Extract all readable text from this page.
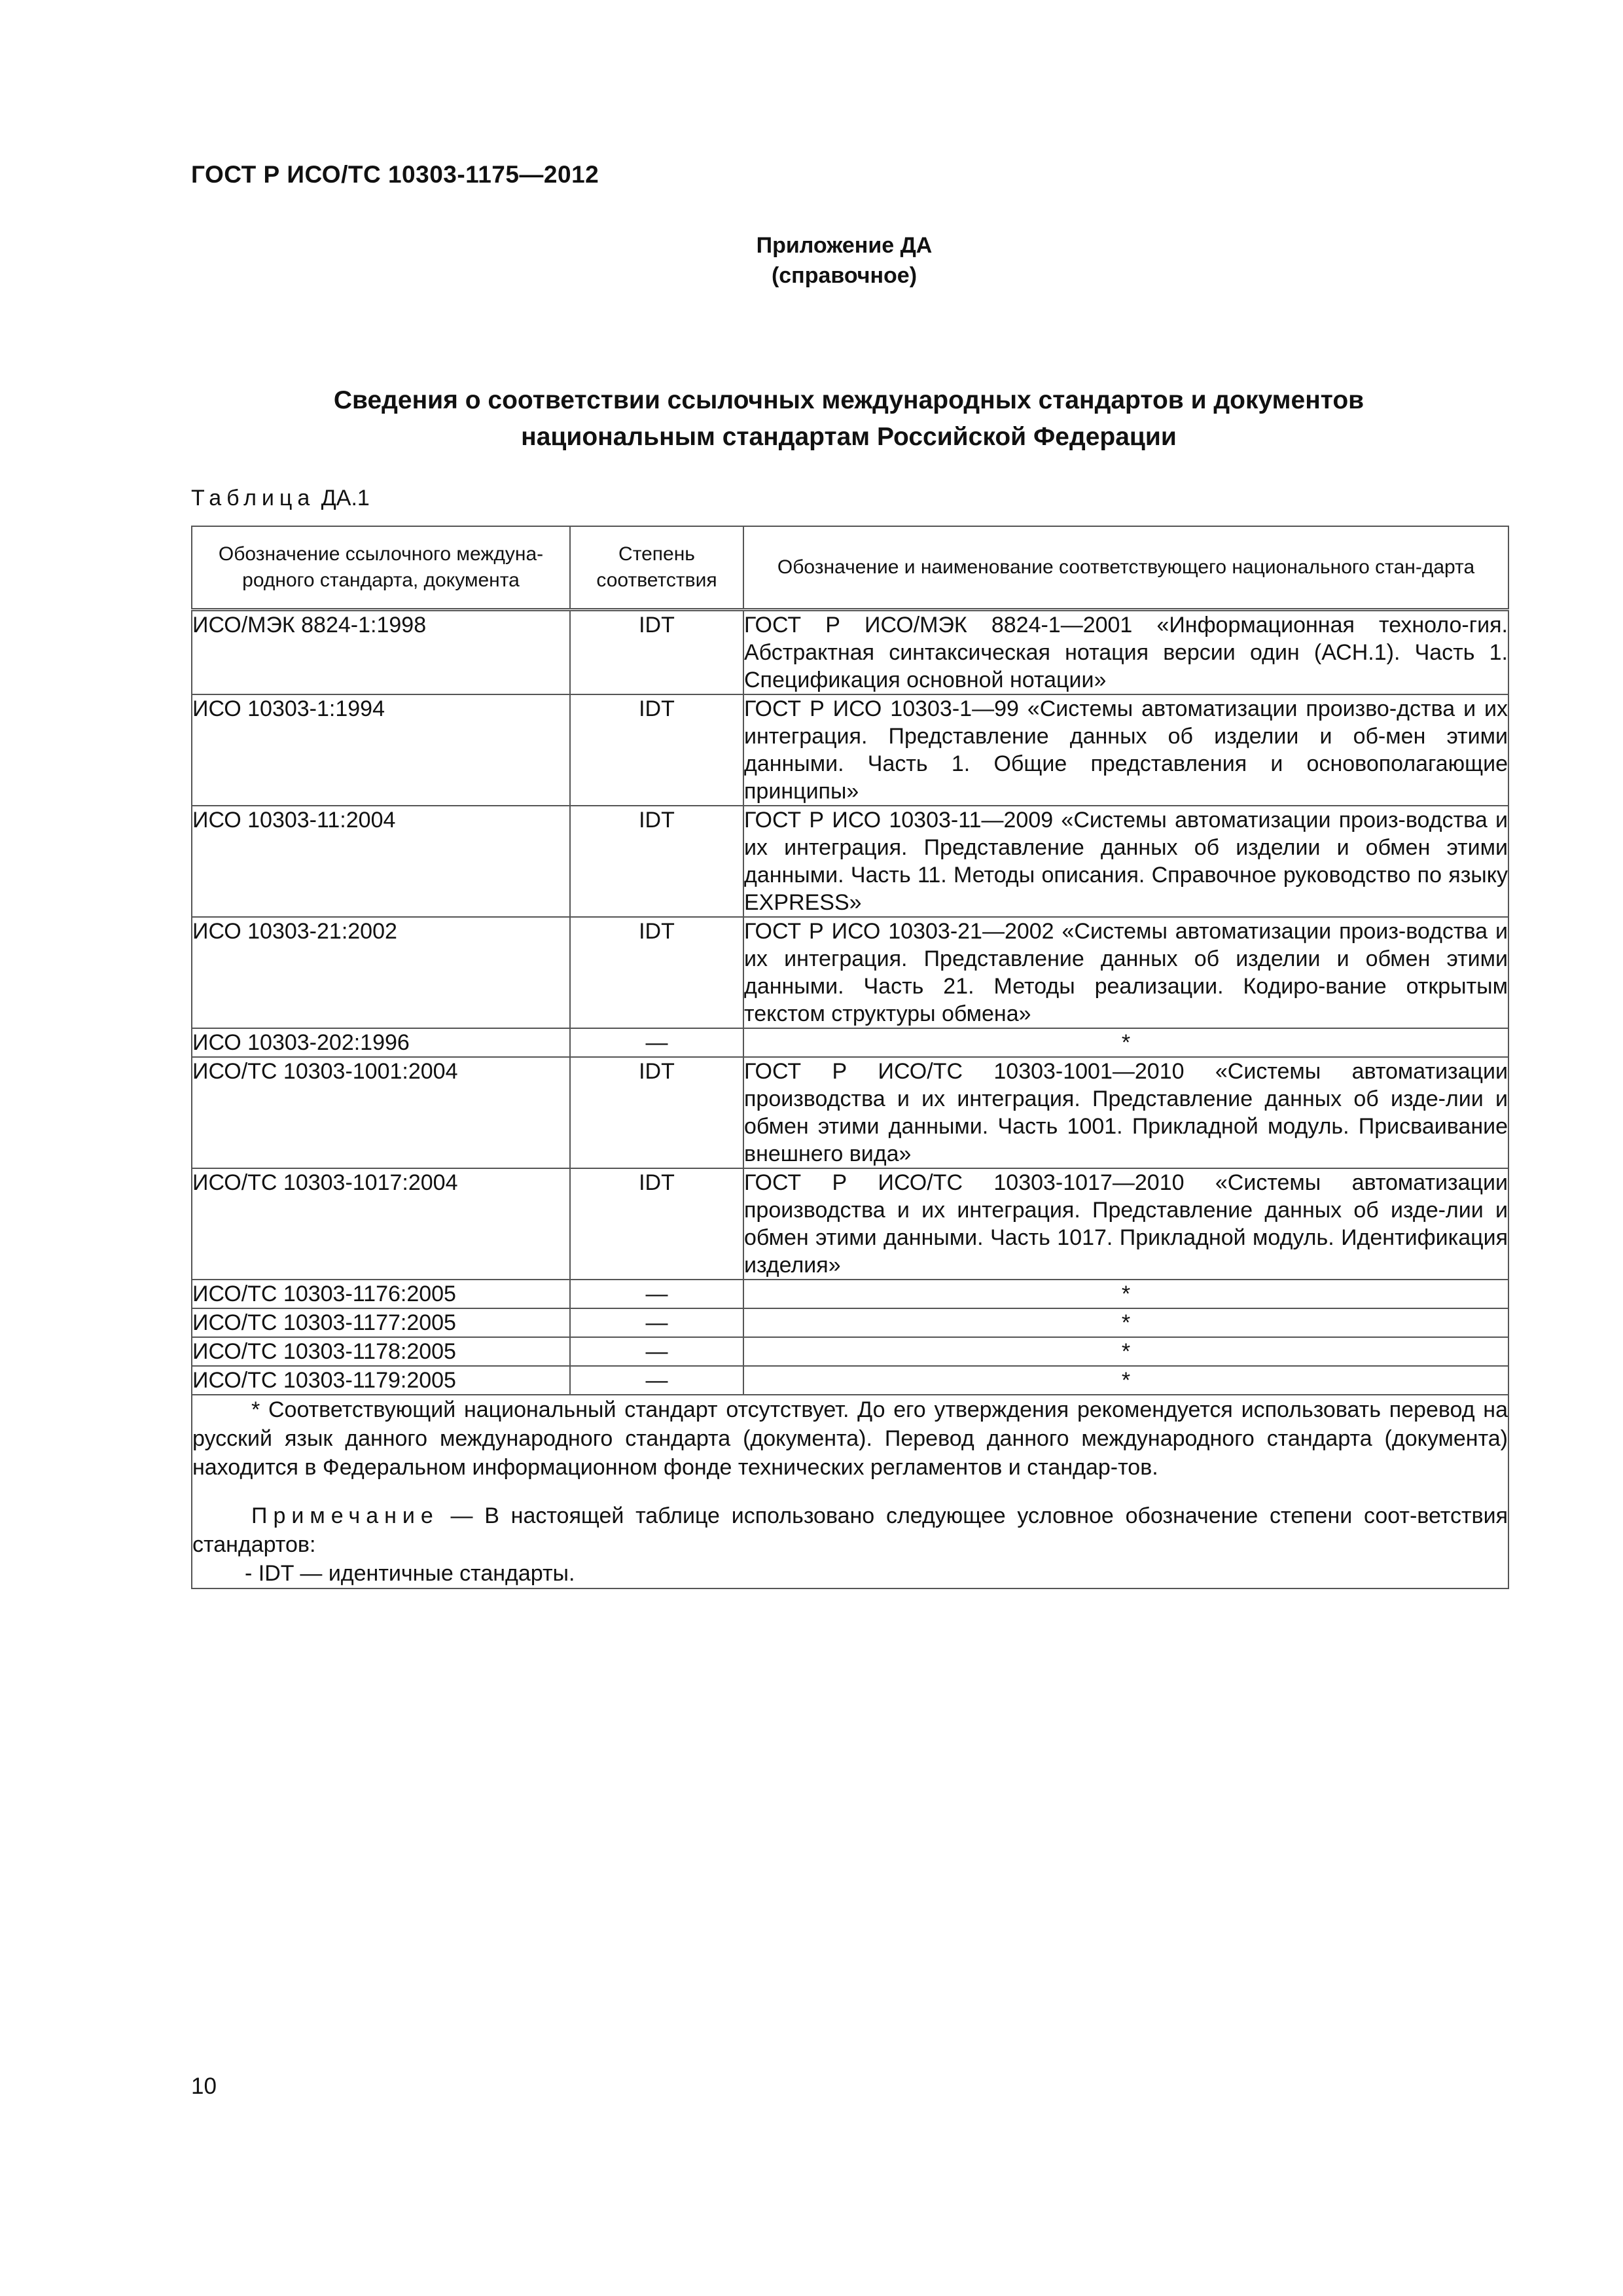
ГОСТ Р ИСО/ТС 10303-1175—2012
Приложение ДА
(справочное)
Сведения о соответствии ссылочных международных стандартов и документов
национальным стандартам Российской Федерации
Таблица ДА.1
Обозначение ссылочного междуна-родного стандарта, документа	Степень соответствия	Обозначение и наименование соответствующего национального стан-дарта
ИСО/МЭК 8824-1:1998	IDT	ГОСТ Р ИСО/МЭК 8824-1—2001 «Информационная техноло-гия. Абстрактная синтаксическая нотация версии один (АСН.1). Часть 1. Спецификация основной нотации»
ИСО 10303-1:1994	IDT	ГОСТ Р ИСО 10303-1—99 «Системы автоматизации произво-дства и их интеграция. Представление данных об изделии и об-мен этими данными. Часть 1. Общие представления и основополагающие принципы»
ИСО 10303-11:2004	IDT	ГОСТ Р ИСО 10303-11—2009 «Системы автоматизации произ-водства и их интеграция. Представление данных об изделии и обмен этими данными. Часть 11. Методы описания. Справочное руководство по языку EXPRESS»
ИСО 10303-21:2002	IDT	ГОСТ Р ИСО 10303-21—2002 «Системы автоматизации произ-водства и их интеграция. Представление данных об изделии и обмен этими данными. Часть 21. Методы реализации. Кодиро-вание открытым текстом структуры обмена»
ИСО 10303-202:1996	—	*
ИСО/ТС 10303-1001:2004	IDT	ГОСТ Р ИСО/ТС 10303-1001—2010 «Системы автоматизации производства и их интеграция. Представление данных об изде-лии и обмен этими данными. Часть 1001. Прикладной модуль. Присваивание внешнего вида»
ИСО/ТС 10303-1017:2004	IDT	ГОСТ Р ИСО/ТС 10303-1017—2010 «Системы автоматизации производства и их интеграция. Представление данных об изде-лии и обмен этими данными. Часть 1017. Прикладной модуль. Идентификация изделия»
ИСО/ТС 10303-1176:2005	—	*
ИСО/ТС 10303-1177:2005	—	*
ИСО/ТС 10303-1178:2005	—	*
ИСО/ТС 10303-1179:2005	—	*

* Соответствующий национальный стандарт отсутствует. До его утверждения рекомендуется использовать перевод на русский язык данного международного стандарта (документа). Перевод данного международного стандарта (документа) находится в Федеральном информационном фонде технических регламентов и стандар-тов.

Примечание — В настоящей таблице использовано следующее условное обозначение степени соот-ветствия стандартов:

- IDT — идентичные стандарты.		

10
